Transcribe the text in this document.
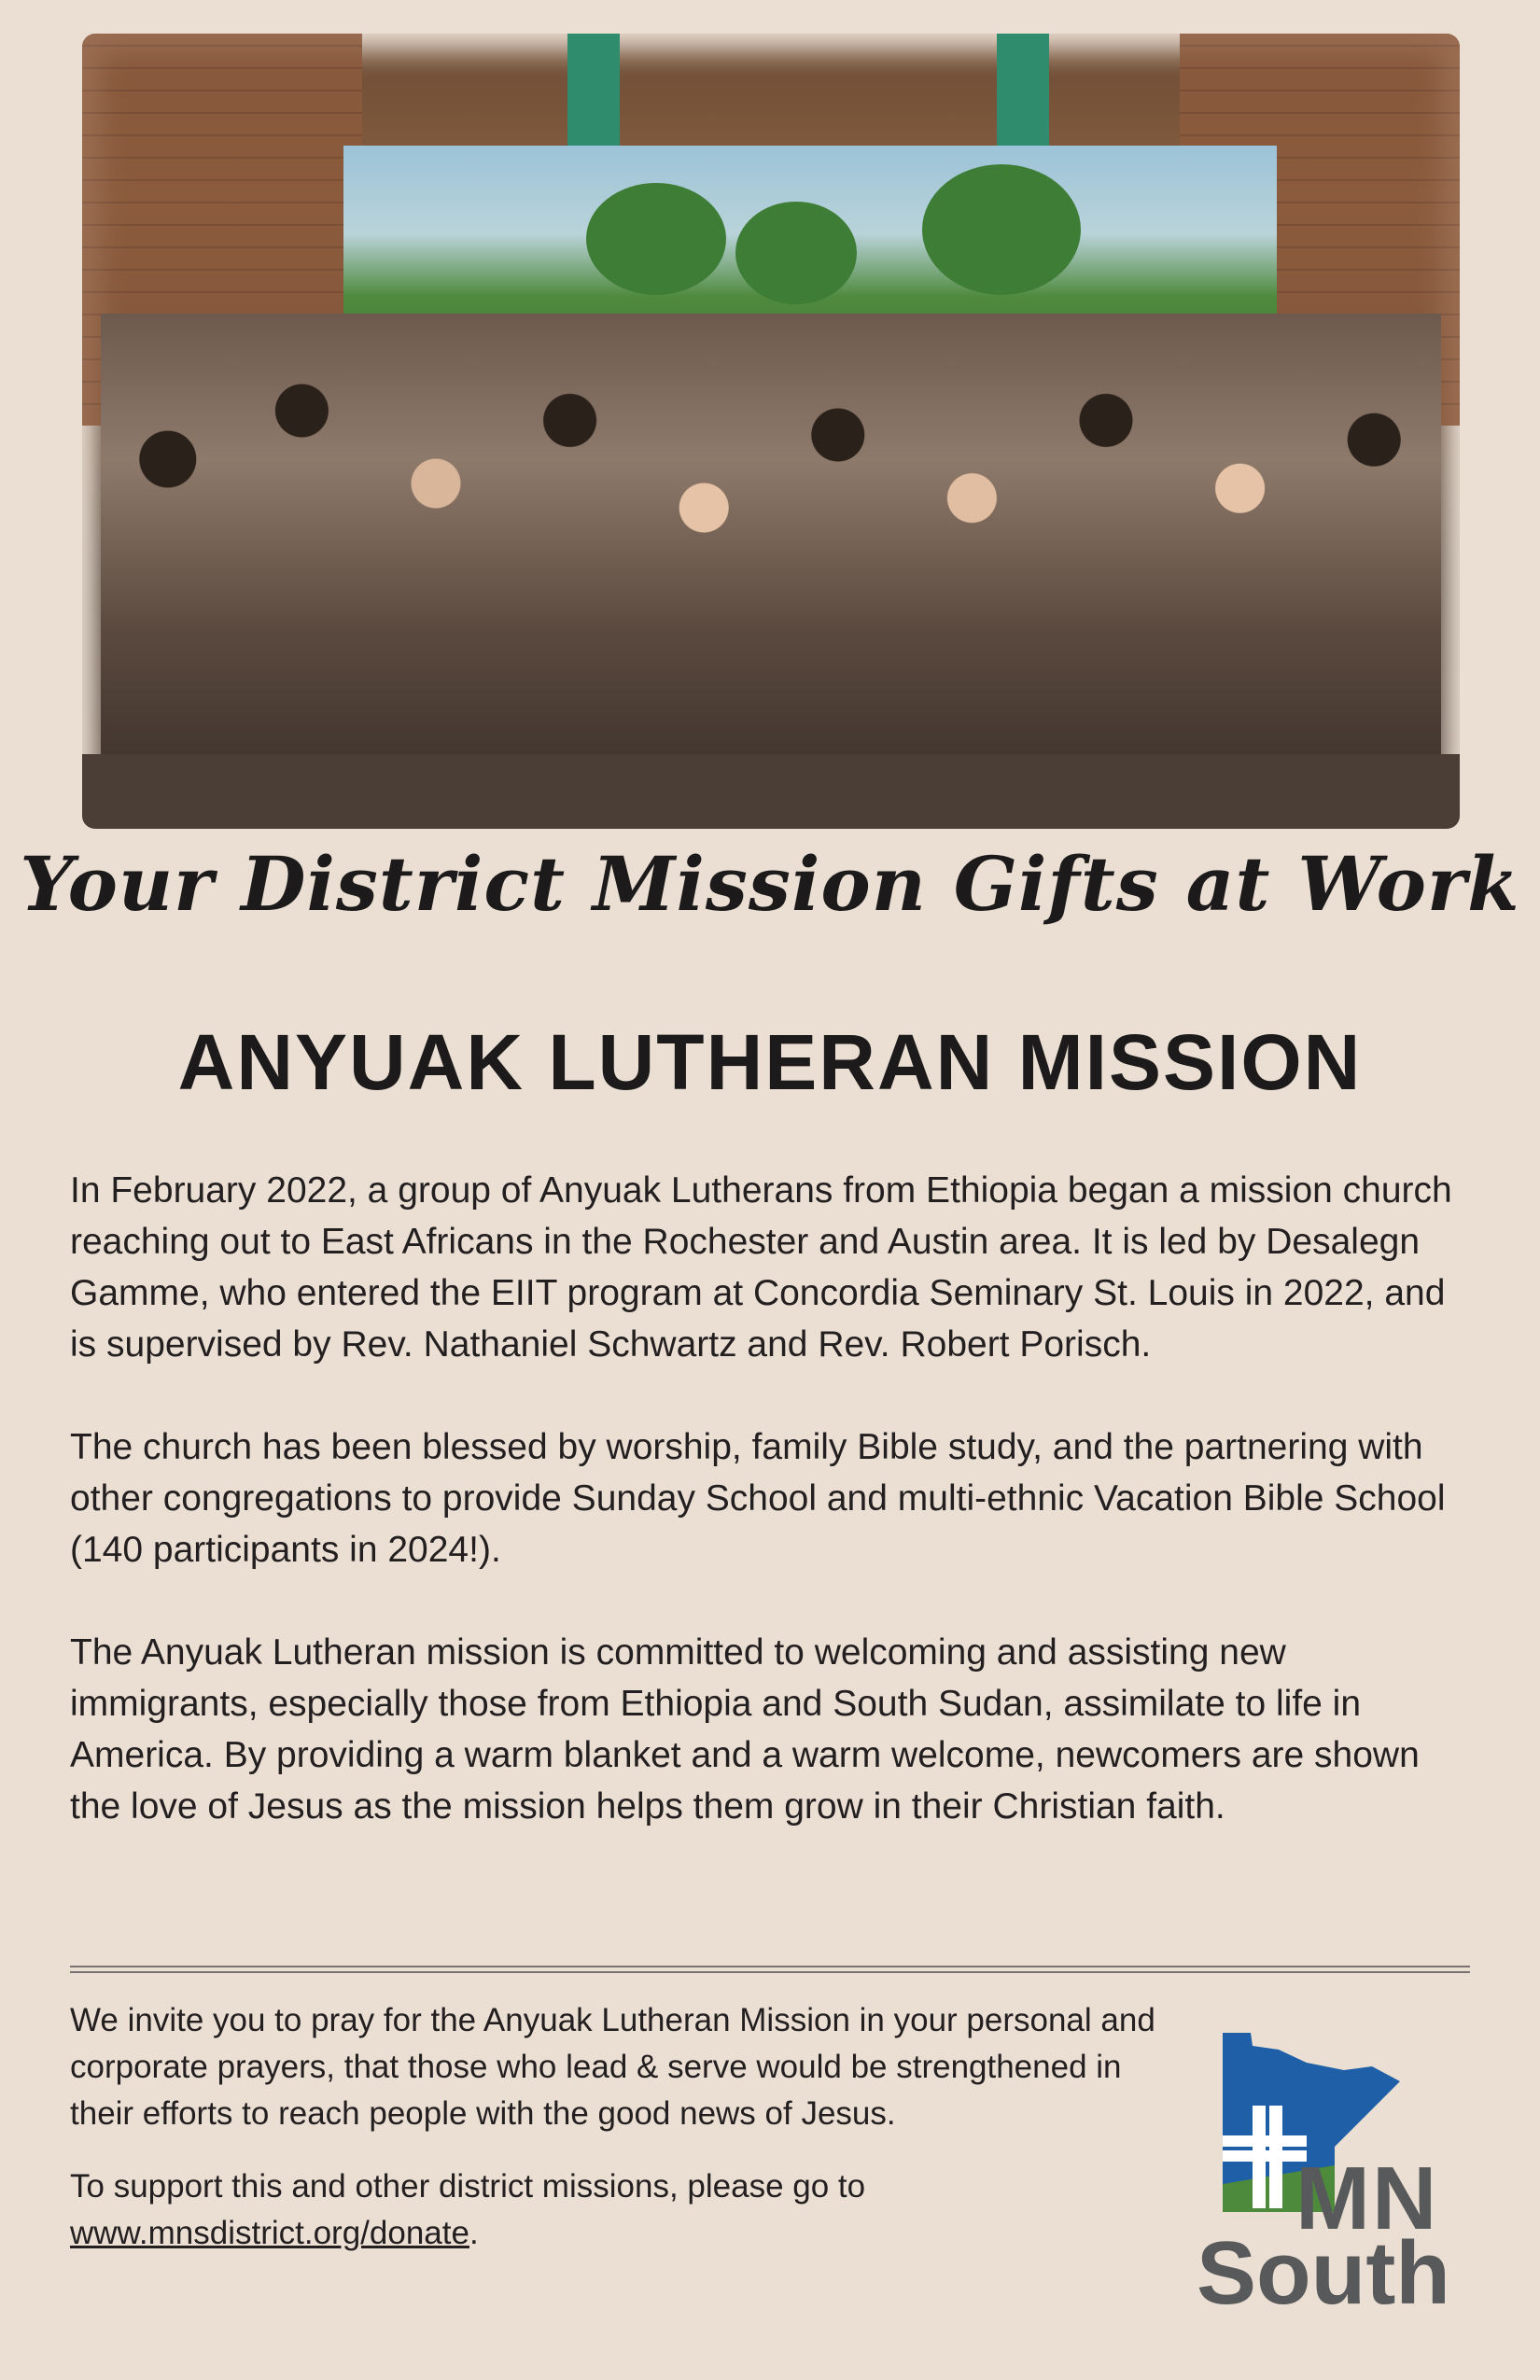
Your District Mission Gifts at Work
ANYUAK LUTHERAN MISSION

In February 2022, a group of Anyuak Lutherans from Ethiopia began a mission church reaching out to East Africans in the Rochester and Austin area. It is led by Desalegn Gamme, who entered the EIIT program at Concordia Seminary St. Louis in 2022, and is supervised by Rev. Nathaniel Schwartz and Rev. Robert Porisch.

The church has been blessed by worship, family Bible study, and the partnering with other congregations to provide Sunday School and multi-ethnic Vacation Bible School (140 participants in 2024!).

The Anyuak Lutheran mission is committed to welcoming and assisting new immigrants, especially those from Ethiopia and South Sudan, assimilate to life in America. By providing a warm blanket and a warm welcome, newcomers are shown the love of Jesus as the mission helps them grow in their Christian faith.

We invite you to pray for the Anyuak Lutheran Mission in your personal and corporate prayers, that those who lead & serve would be strengthened in their efforts to reach people with the good news of Jesus.

To support this and other district missions, please go to
www.mnsdistrict.org/donate.	MN
South
